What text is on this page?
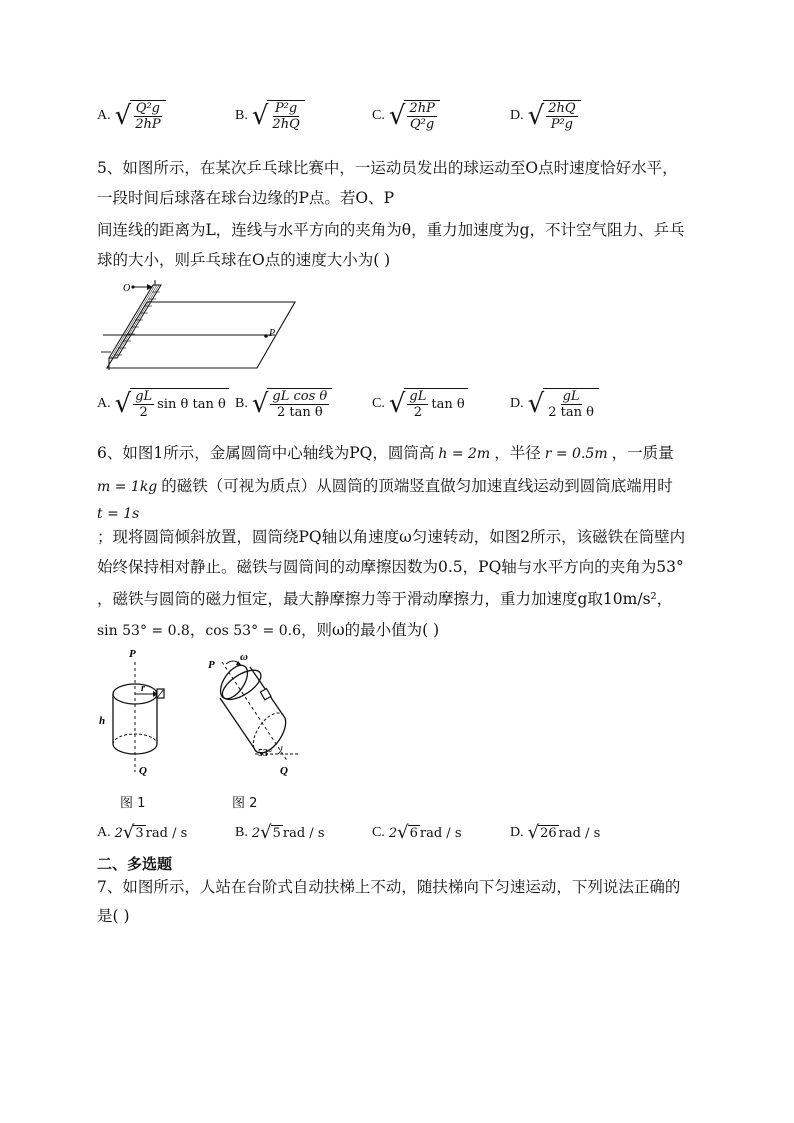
A. √ $\frac{\text{Q²g}}{2hP}$	B. √ $\frac{\text{P²g}}{2hQ}$	C. √ $\frac{2hP}{\text{Q²g}}$	D. √ $\frac{2hQ}{\text{P²g}}$
5、如图所示，在某次乒乓球比赛中，一运动员发出的球运动至O点时速度恰好水平，
一段时间后球落在球台边缘的P点。若O、P
间连线的距离为L，连线与水平方向的夹角为θ，重力加速度为g，不计空气阻力、乒乓
球的大小，则乒乓球在O点的速度大小为( )
O
P
A. √ $\frac{gL}{2}$ sin θ tan θ B. √ $\frac{\text{gL cos θ}}{\text{2 tan θ}}$	C. √ $\frac{gL}{2}$ tan θ	D. √ $\frac{gL}{\text{2 tan θ}}$
6、如图1所示，金属圆筒中心轴线为PQ，圆筒高 h = 2m ，半径 r = 0.5m ，一质量
m = 1kg 的磁铁（可视为质点）从圆筒的顶端竖直做匀加速直线运动到圆筒底端用时
t = 1s
；现将圆筒倾斜放置，圆筒绕PQ轴以角速度ω匀速转动，如图2所示，该磁铁在筒壁内
始终保持相对静止。磁铁与圆筒间的动摩擦因数为0.5，PQ轴与水平方向的夹角为53°
，磁铁与圆筒的磁力恒定，最大静摩擦力等于滑动摩擦力，重力加速度g取10m/s²，
sin 53° = 0.8，cos 53° = 0.6，则ω的最小值为( )
P
r
h
Q
P
ω
53°
Q
图 1	图 2
A. 2 √ 3 rad / s	B. 2 √ 5 rad / s	C. 2 √ 6 rad / s	D. √ 26 rad / s
二、多选题
7、如图所示，人站在台阶式自动扶梯上不动，随扶梯向下匀速运动，下列说法正确的
是( )
